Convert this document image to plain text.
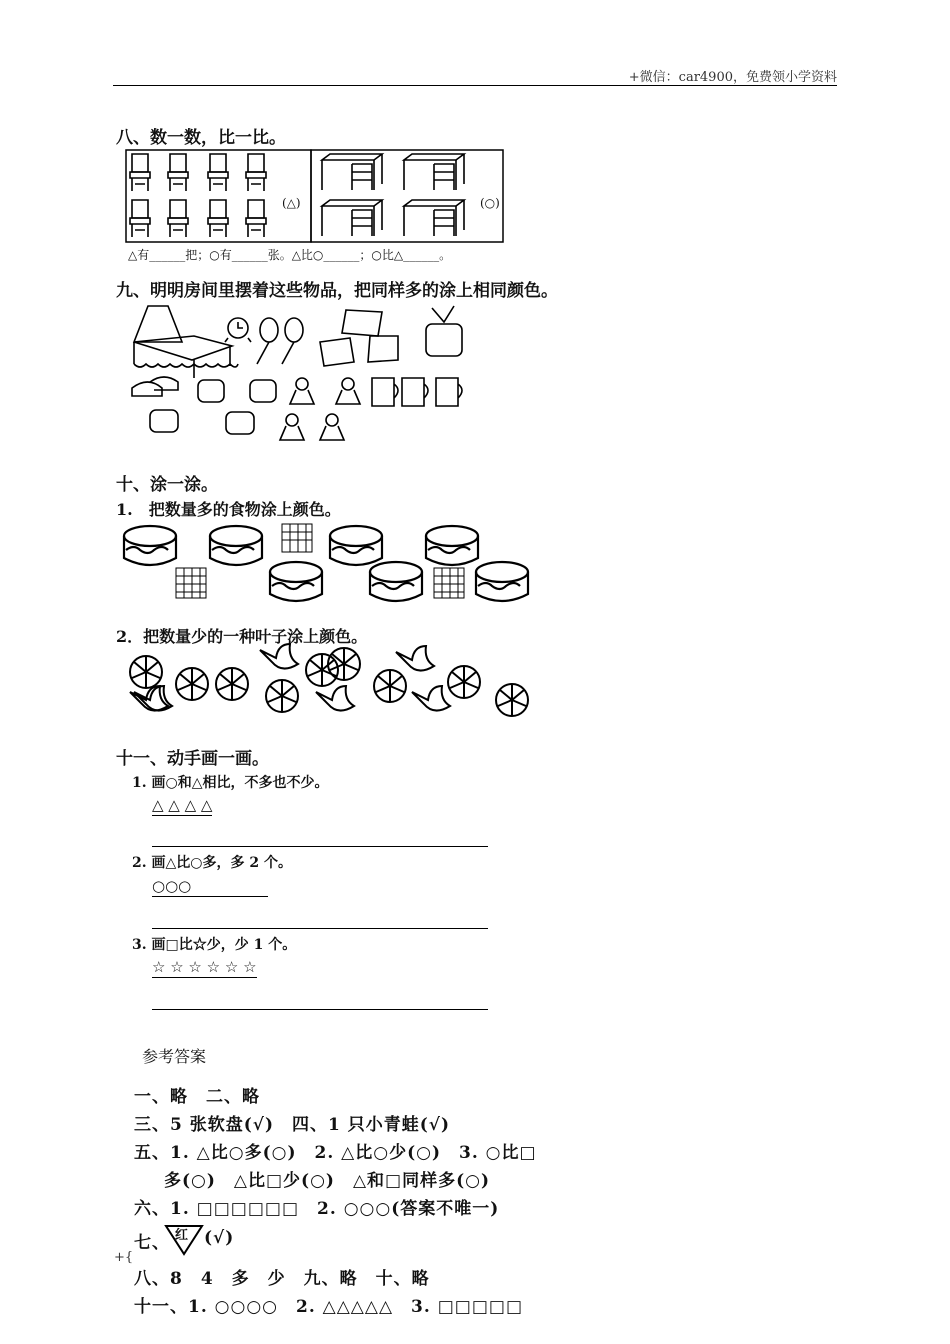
+微信：car4900，免费领小学资料
八、数一数，比一比。
(△)	(○)
△有______把；○有______张。△比○______；○比△______。
九、明明房间里摆着这些物品，把同样多的涂上相同颜色。
十、涂一涂。
1.　把数量多的食物涂上颜色。
2．把数量少的一种叶子涂上颜色。
十一、动手画一画。
1. 画○和△相比，不多也不少。
△ △ △ △
2. 画△比○多，多 2 个。
○○○
3. 画□比☆少，少 1 个。
☆ ☆ ☆ ☆ ☆ ☆
参考答案
一、略　二、略
三、5 张软盘(√)　四、1 只小青蛙(√)
五、1. △比○多(○)　2. △比○少(○)　3. ○比□
多(○)　△比□少(○)　△和□同样多(○)
六、1. □□□□□□　2. ○○○(答案不唯一)
七、 红 (√)
+{
八、8　4　多　少　九、略　十、略
十一、1. ○○○○　2. △△△△△　3. □□□□□
